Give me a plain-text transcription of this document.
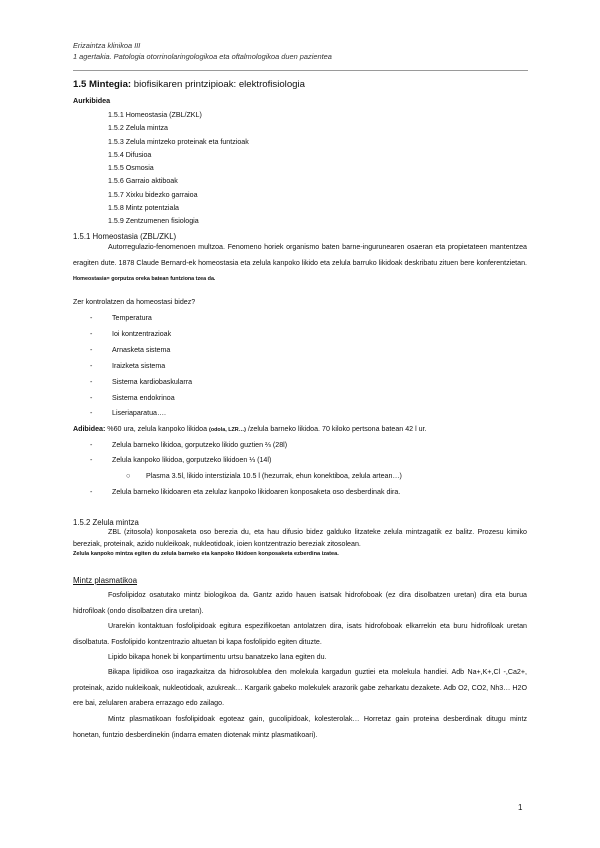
Erizaintza klinikoa III
1 agertakia. Patologia otorrinolaringologikoa eta oftalmologikoa duen pazientea
1.5 Mintegia: biofisikaren printzipioak: elektrofisiologia
Aurkibidea
1.5.1 Homeostasia (ZBL/ZKL)
1.5.2 Zelula mintza
1.5.3 Zelula mintzeko proteinak eta funtzioak
1.5.4 Difusioa
1.5.5 Osmosia
1.5.6 Garraio aktiboak
1.5.7 Xixku bidezko garraioa
1.5.8 Mintz potentziala
1.5.9 Zentzumenen fisiologia
1.5.1 Homeostasia (ZBL/ZKL)
Autorregulazio-fenomenoen multzoa. Fenomeno horiek organismo baten barne-ingurunearen osaeran eta propietateen mantentzea eragiten dute. 1878 Claude Bernard-ek homeostasia eta zelula kanpoko likido eta zelula barruko likidoak deskribatu zituen bere konferentzietan. Homeostasia= gorputza oreka batean funtziona tzea da.
Zer kontrolatzen da homeostasi bidez?
-	Temperatura
-	Ioi kontzentrazioak
-	Arnasketa sistema
-	Iraizketa sistema
-	Sistema kardiobaskularra
-	Sistema endokrinoa
-	Liseriaparatua….
Adibidea: %60 ura, zelula kanpoko likidoa (odola, LZR…) /zelula barneko likidoa. 70 kiloko pertsona batean 42 l ur.
-	Zelula barneko likidoa, gorputzeko likido guztien ⅔ (28l)
-	Zelula kanpoko likidoa, gorputzeko likidoen ⅓ (14l)
○ Plasma 3.5l, likido interstiziala 10.5 l (hezurrak, ehun konektiboa, zelula artean…)
-	Zelula barneko likidoaren eta zelulaz kanpoko likidoaren konposaketa oso desberdinak dira.
1.5.2 Zelula mintza
ZBL (zitosola) konposaketa oso berezia du, eta hau difusio bidez galduko litzateke zelula mintzagatik ez balitz. Prozesu kimiko bereziak, proteinak, azido nukleikoak, nukleotidoak, ioien kontzentrazio bereziak zitosolean.
Zelula kanpoko mintza egiten du zelula barneko eta kanpoko likidoen konposaketa ezberdina izatea.
Mintz plasmatikoa
Fosfolipidoz osatutako mintz biologikoa da. Gantz azido hauen isatsak hidrofoboak (ez dira disolbatzen uretan) dira eta burua hidrofiloak (ondo disolbatzen dira uretan).
Urarekin kontaktuan fosfolipidoak egitura espezifikoetan antolatzen dira, isats hidrofoboak elkarrekin eta buru hidrofiloak uretan disolbatuta. Fosfolipido kontzentrazio altuetan bi kapa fosfolipido egiten dituzte.
Lipido bikapa honek bi konpartimentu urtsu banatzeko lana egiten du.
Bikapa lipidikoa oso iragazkaitza da hidrosolublea den molekula kargadun guztiei eta molekula handiei. Adb Na+,K+,Cl -,Ca2+, proteinak, azido nukleikoak, nukleotidoak, azukreak… Kargarik gabeko molekulek arazorik gabe zeharkatu dezakete. Adb O2, CO2, Nh3… H2O ere bai, zelularen arabera errazago edo zailago.
Mintz plasmatikoan fosfolipidoak egoteaz gain, gucolipidoak, kolesterolak… Horretaz gain proteina desberdinak ditugu mintz honetan, funtzio desberdinekin (indarra ematen diotenak mintz plasmatikoari).
1
